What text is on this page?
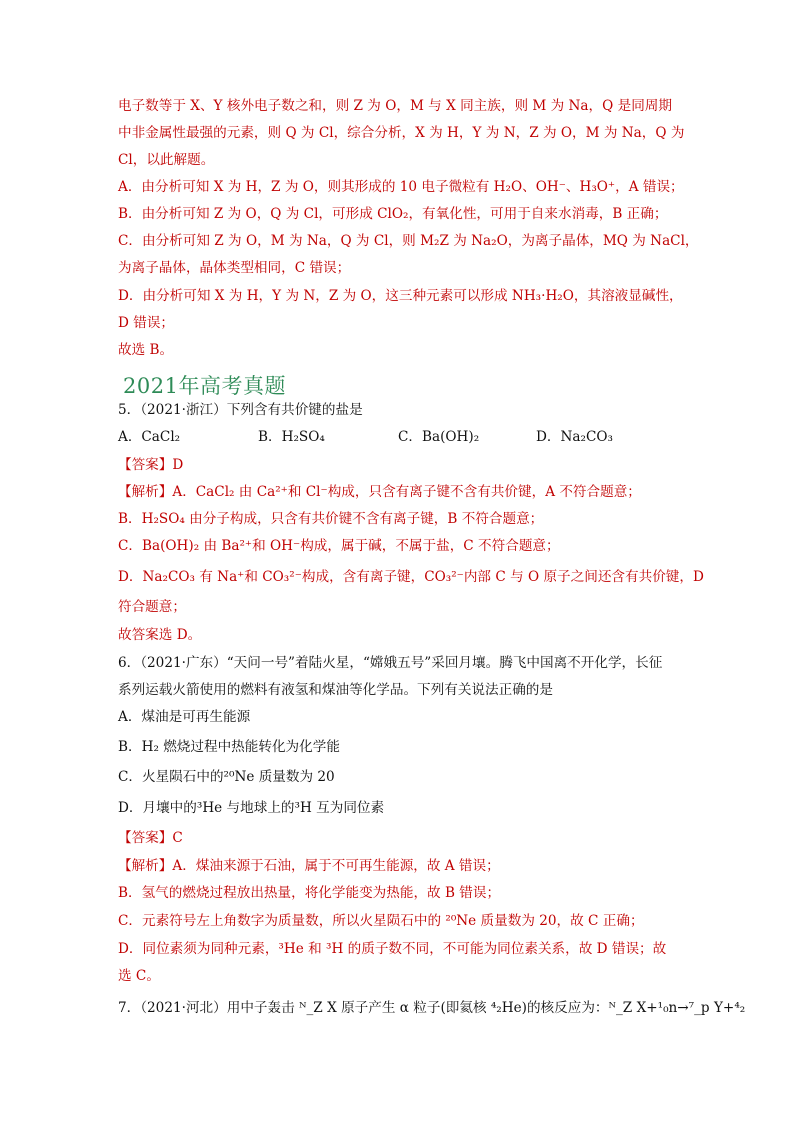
电子数等于 X、Y 核外电子数之和，则 Z 为 O，M 与 X 同主族，则 M 为 Na，Q 是同周期
中非金属性最强的元素，则 Q 为 Cl，综合分析，X 为 H，Y 为 N，Z 为 O，M 为 Na，Q 为
Cl，以此解题。
A．由分析可知 X 为 H，Z 为 O，则其形成的 10 电子微粒有 H₂O、OH⁻、H₃O⁺，A 错误；
B．由分析可知 Z 为 O，Q 为 Cl，可形成 ClO₂，有氧化性，可用于自来水消毒，B 正确；
C．由分析可知 Z 为 O，M 为 Na，Q 为 Cl，则 M₂Z 为 Na₂O，为离子晶体，MQ 为 NaCl，
为离子晶体，晶体类型相同，C 错误；
D．由分析可知 X 为 H，Y 为 N，Z 为 O，这三种元素可以形成 NH₃·H₂O，其溶液显碱性，
D 错误；
故选 B。
2021年高考真题
5．（2021·浙江）下列含有共价键的盐是
A．CaCl₂	B．H₂SO₄	C．Ba(OH)₂	D．Na₂CO₃
【答案】D
【解析】A．CaCl₂ 由 Ca²⁺和 Cl⁻构成，只含有离子键不含有共价键，A 不符合题意；
B．H₂SO₄ 由分子构成，只含有共价键不含有离子键，B 不符合题意；
C．Ba(OH)₂ 由 Ba²⁺和 OH⁻构成，属于碱，不属于盐，C 不符合题意；
D．Na₂CO₃ 有 Na⁺和 CO₃²⁻构成，含有离子键，CO₃²⁻内部 C 与 O 原子之间还含有共价键，D
符合题意；
故答案选 D。
6．（2021·广东）“天问一号”着陆火星，“嫦娥五号”采回月壤。腾飞中国离不开化学，长征
系列运载火箭使用的燃料有液氢和煤油等化学品。下列有关说法正确的是
A．煤油是可再生能源
B．H₂ 燃烧过程中热能转化为化学能
C．火星陨石中的²⁰Ne 质量数为 20
D．月壤中的³He 与地球上的³H 互为同位素
【答案】C
【解析】A．煤油来源于石油，属于不可再生能源，故 A 错误；
B．氢气的燃烧过程放出热量，将化学能变为热能，故 B 错误；
C．元素符号左上角数字为质量数，所以火星陨石中的 ²⁰Ne 质量数为 20，故 C 正确；
D．同位素须为同种元素，³He 和 ³H 的质子数不同，不可能为同位素关系，故 D 错误；故
选 C。
7．（2021·河北）用中子轰击 ᴺ_Z X 原子产生 α 粒子(即氦核 ⁴₂He)的核反应为：ᴺ_Z X+¹₀n→⁷_p Y+⁴₂
